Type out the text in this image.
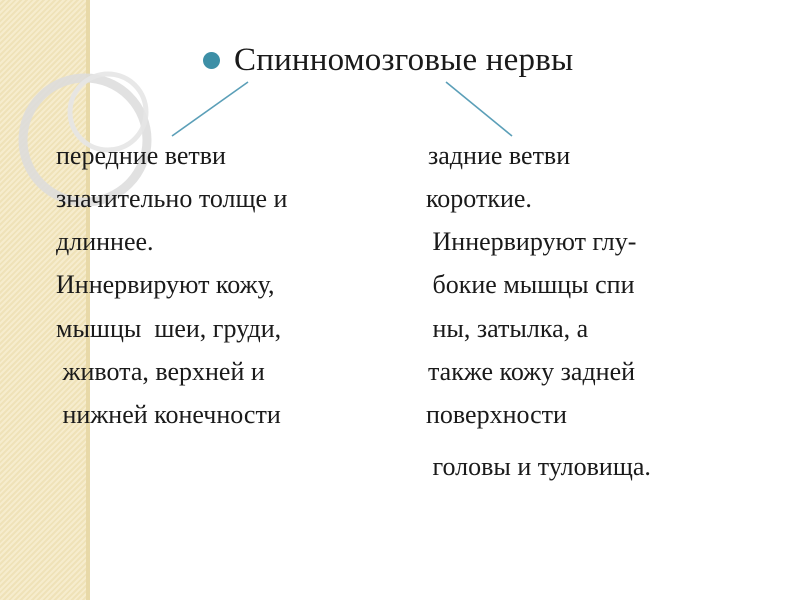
Спинномозговые нервы
передние ветви
значительно толще и
длиннее.
Иннервируют кожу,
мышцы  шеи, груди,
живота, верхней и
нижней конечности
задние ветви
короткие.
Иннервируют глу-
бокие мышцы спи
ны, затылка, а
также кожу задней
поверхности
головы и туловища.
